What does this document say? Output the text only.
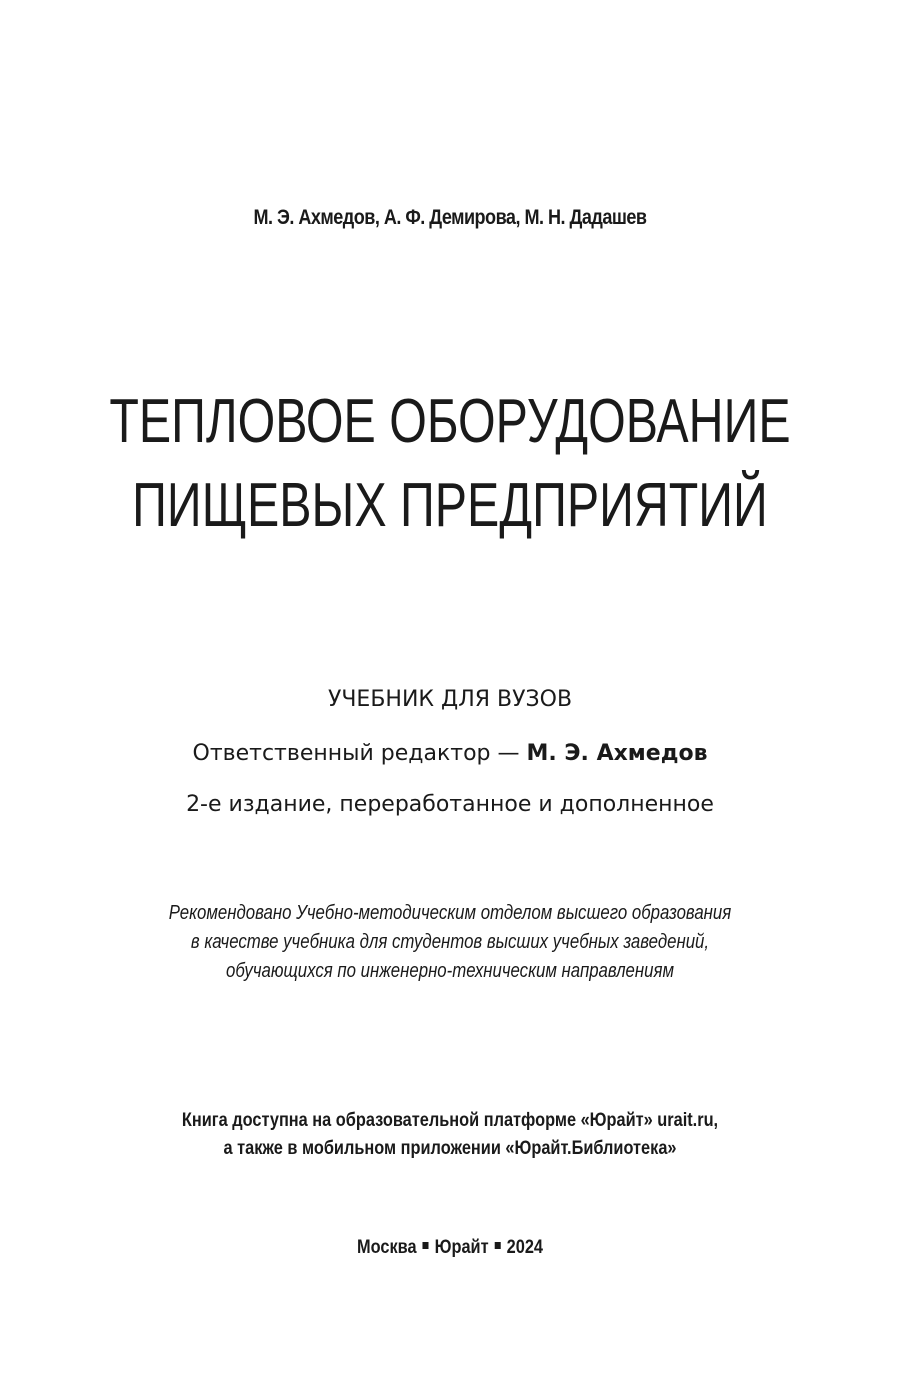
М. Э. Ахмедов, А. Ф. Демирова, М. Н. Дадашев
ТЕПЛОВОЕ ОБОРУДОВАНИЕ
ПИЩЕВЫХ ПРЕДПРИЯТИЙ
УЧЕБНИК ДЛЯ ВУЗОВ
Ответственный редактор — М. Э. Ахмедов
2-е издание, переработанное и дополненное
Рекомендовано Учебно-методическим отделом высшего образования
в качестве учебника для студентов высших учебных заведений,
обучающихся по инженерно-техническим направлениям
Книга доступна на образовательной платформе «Юрайт» urait.ru,
а также в мобильном приложении «Юрайт.Библиотека»
Москва Юрайт 2024
